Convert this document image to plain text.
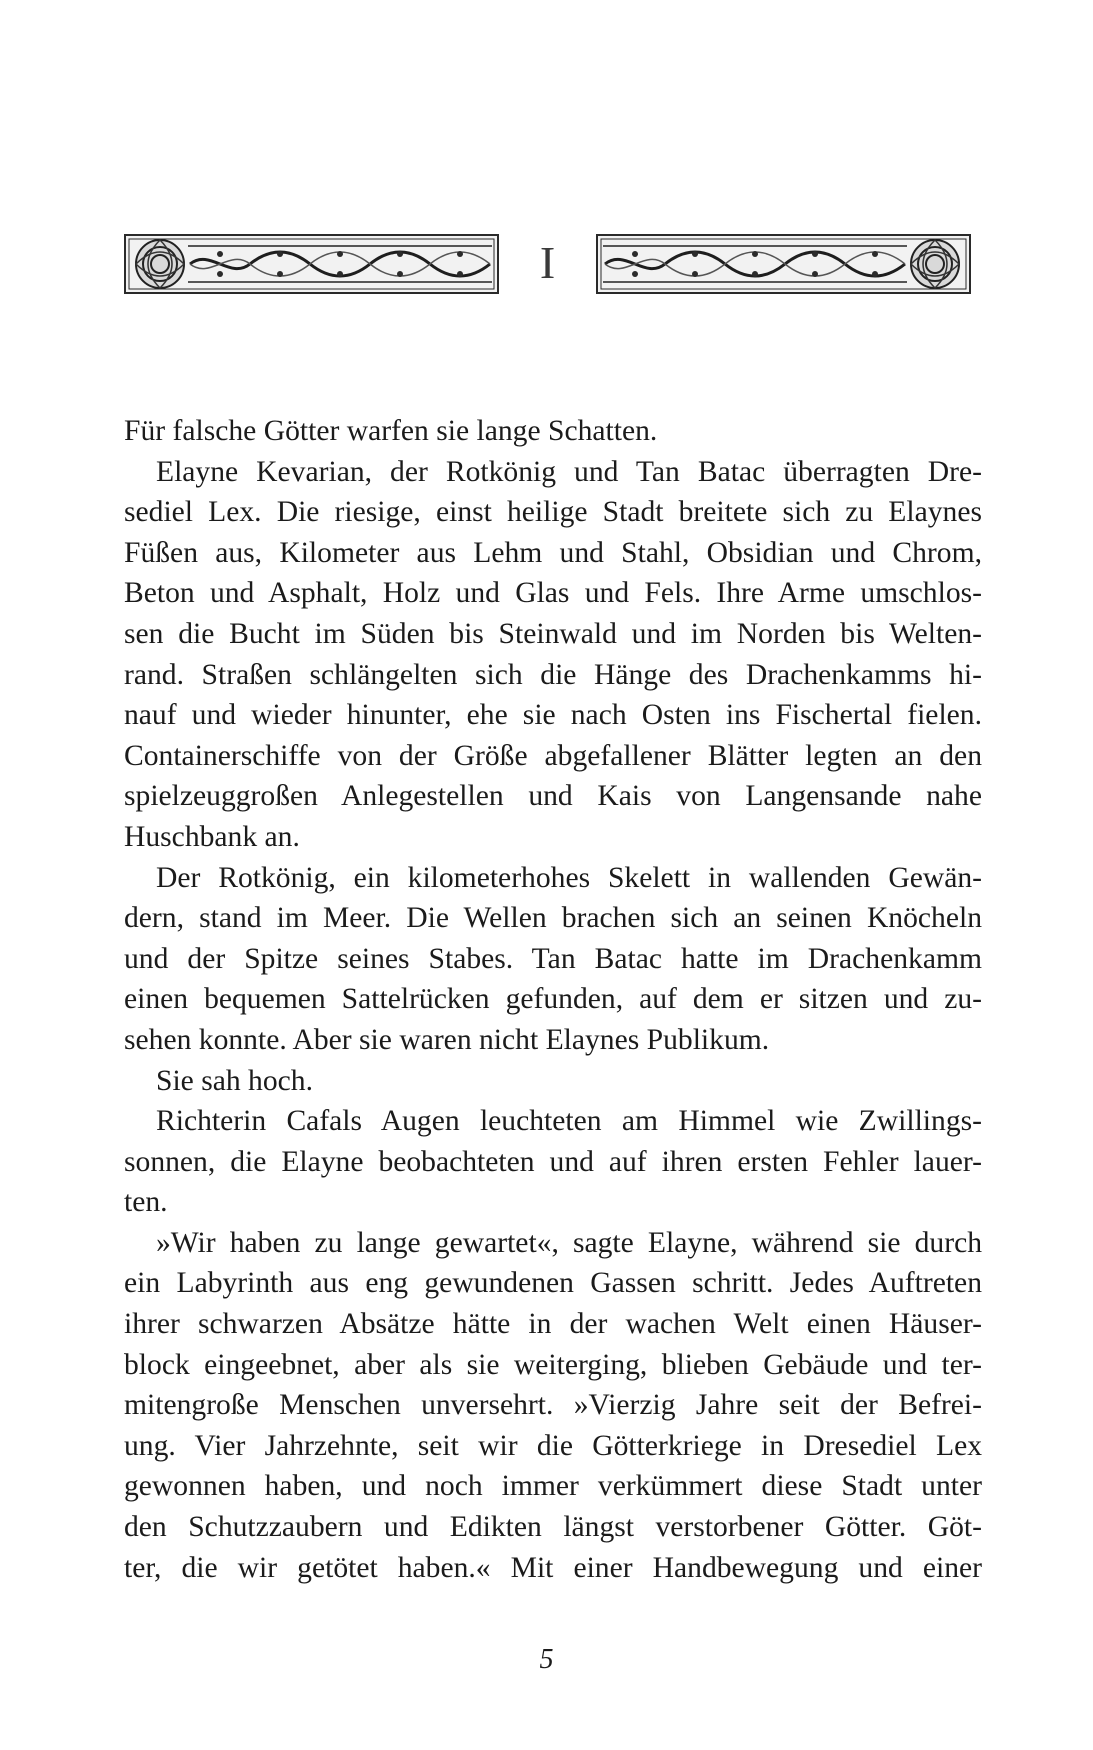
I
Für falsche Götter warfen sie lange Schatten.
Elayne Kevarian, der Rotkönig und Tan Batac überragten Dre-
sediel Lex. Die riesige, einst heilige Stadt breitete sich zu Elaynes
Füßen aus, Kilometer aus Lehm und Stahl, Obsidian und Chrom,
Beton und Asphalt, Holz und Glas und Fels. Ihre Arme umschlos-
sen die Bucht im Süden bis Steinwald und im Norden bis Welten-
rand. Straßen schlängelten sich die Hänge des Drachenkamms hi-
nauf und wieder hinunter, ehe sie nach Osten ins Fischertal fielen.
Containerschiffe von der Größe abgefallener Blätter legten an den
spielzeuggroßen Anlegestellen und Kais von Langensande nahe
Huschbank an.
Der Rotkönig, ein kilometerhohes Skelett in wallenden Gewän-
dern, stand im Meer. Die Wellen brachen sich an seinen Knöcheln
und der Spitze seines Stabes. Tan Batac hatte im Drachenkamm
einen bequemen Sattelrücken gefunden, auf dem er sitzen und zu-
sehen konnte. Aber sie waren nicht Elaynes Publikum.
Sie sah hoch.
Richterin Cafals Augen leuchteten am Himmel wie Zwillings-
sonnen, die Elayne beobachteten und auf ihren ersten Fehler lauer-
ten.
»Wir haben zu lange gewartet«, sagte Elayne, während sie durch
ein Labyrinth aus eng gewundenen Gassen schritt. Jedes Auftreten
ihrer schwarzen Absätze hätte in der wachen Welt einen Häuser-
block eingeebnet, aber als sie weiterging, blieben Gebäude und ter-
mitengroße Menschen unversehrt. »Vierzig Jahre seit der Befrei-
ung. Vier Jahrzehnte, seit wir die Götterkriege in Dresediel Lex
gewonnen haben, und noch immer verkümmert diese Stadt unter
den Schutzzaubern und Edikten längst verstorbener Götter. Göt-
ter, die wir getötet haben.« Mit einer Handbewegung und einer
5
